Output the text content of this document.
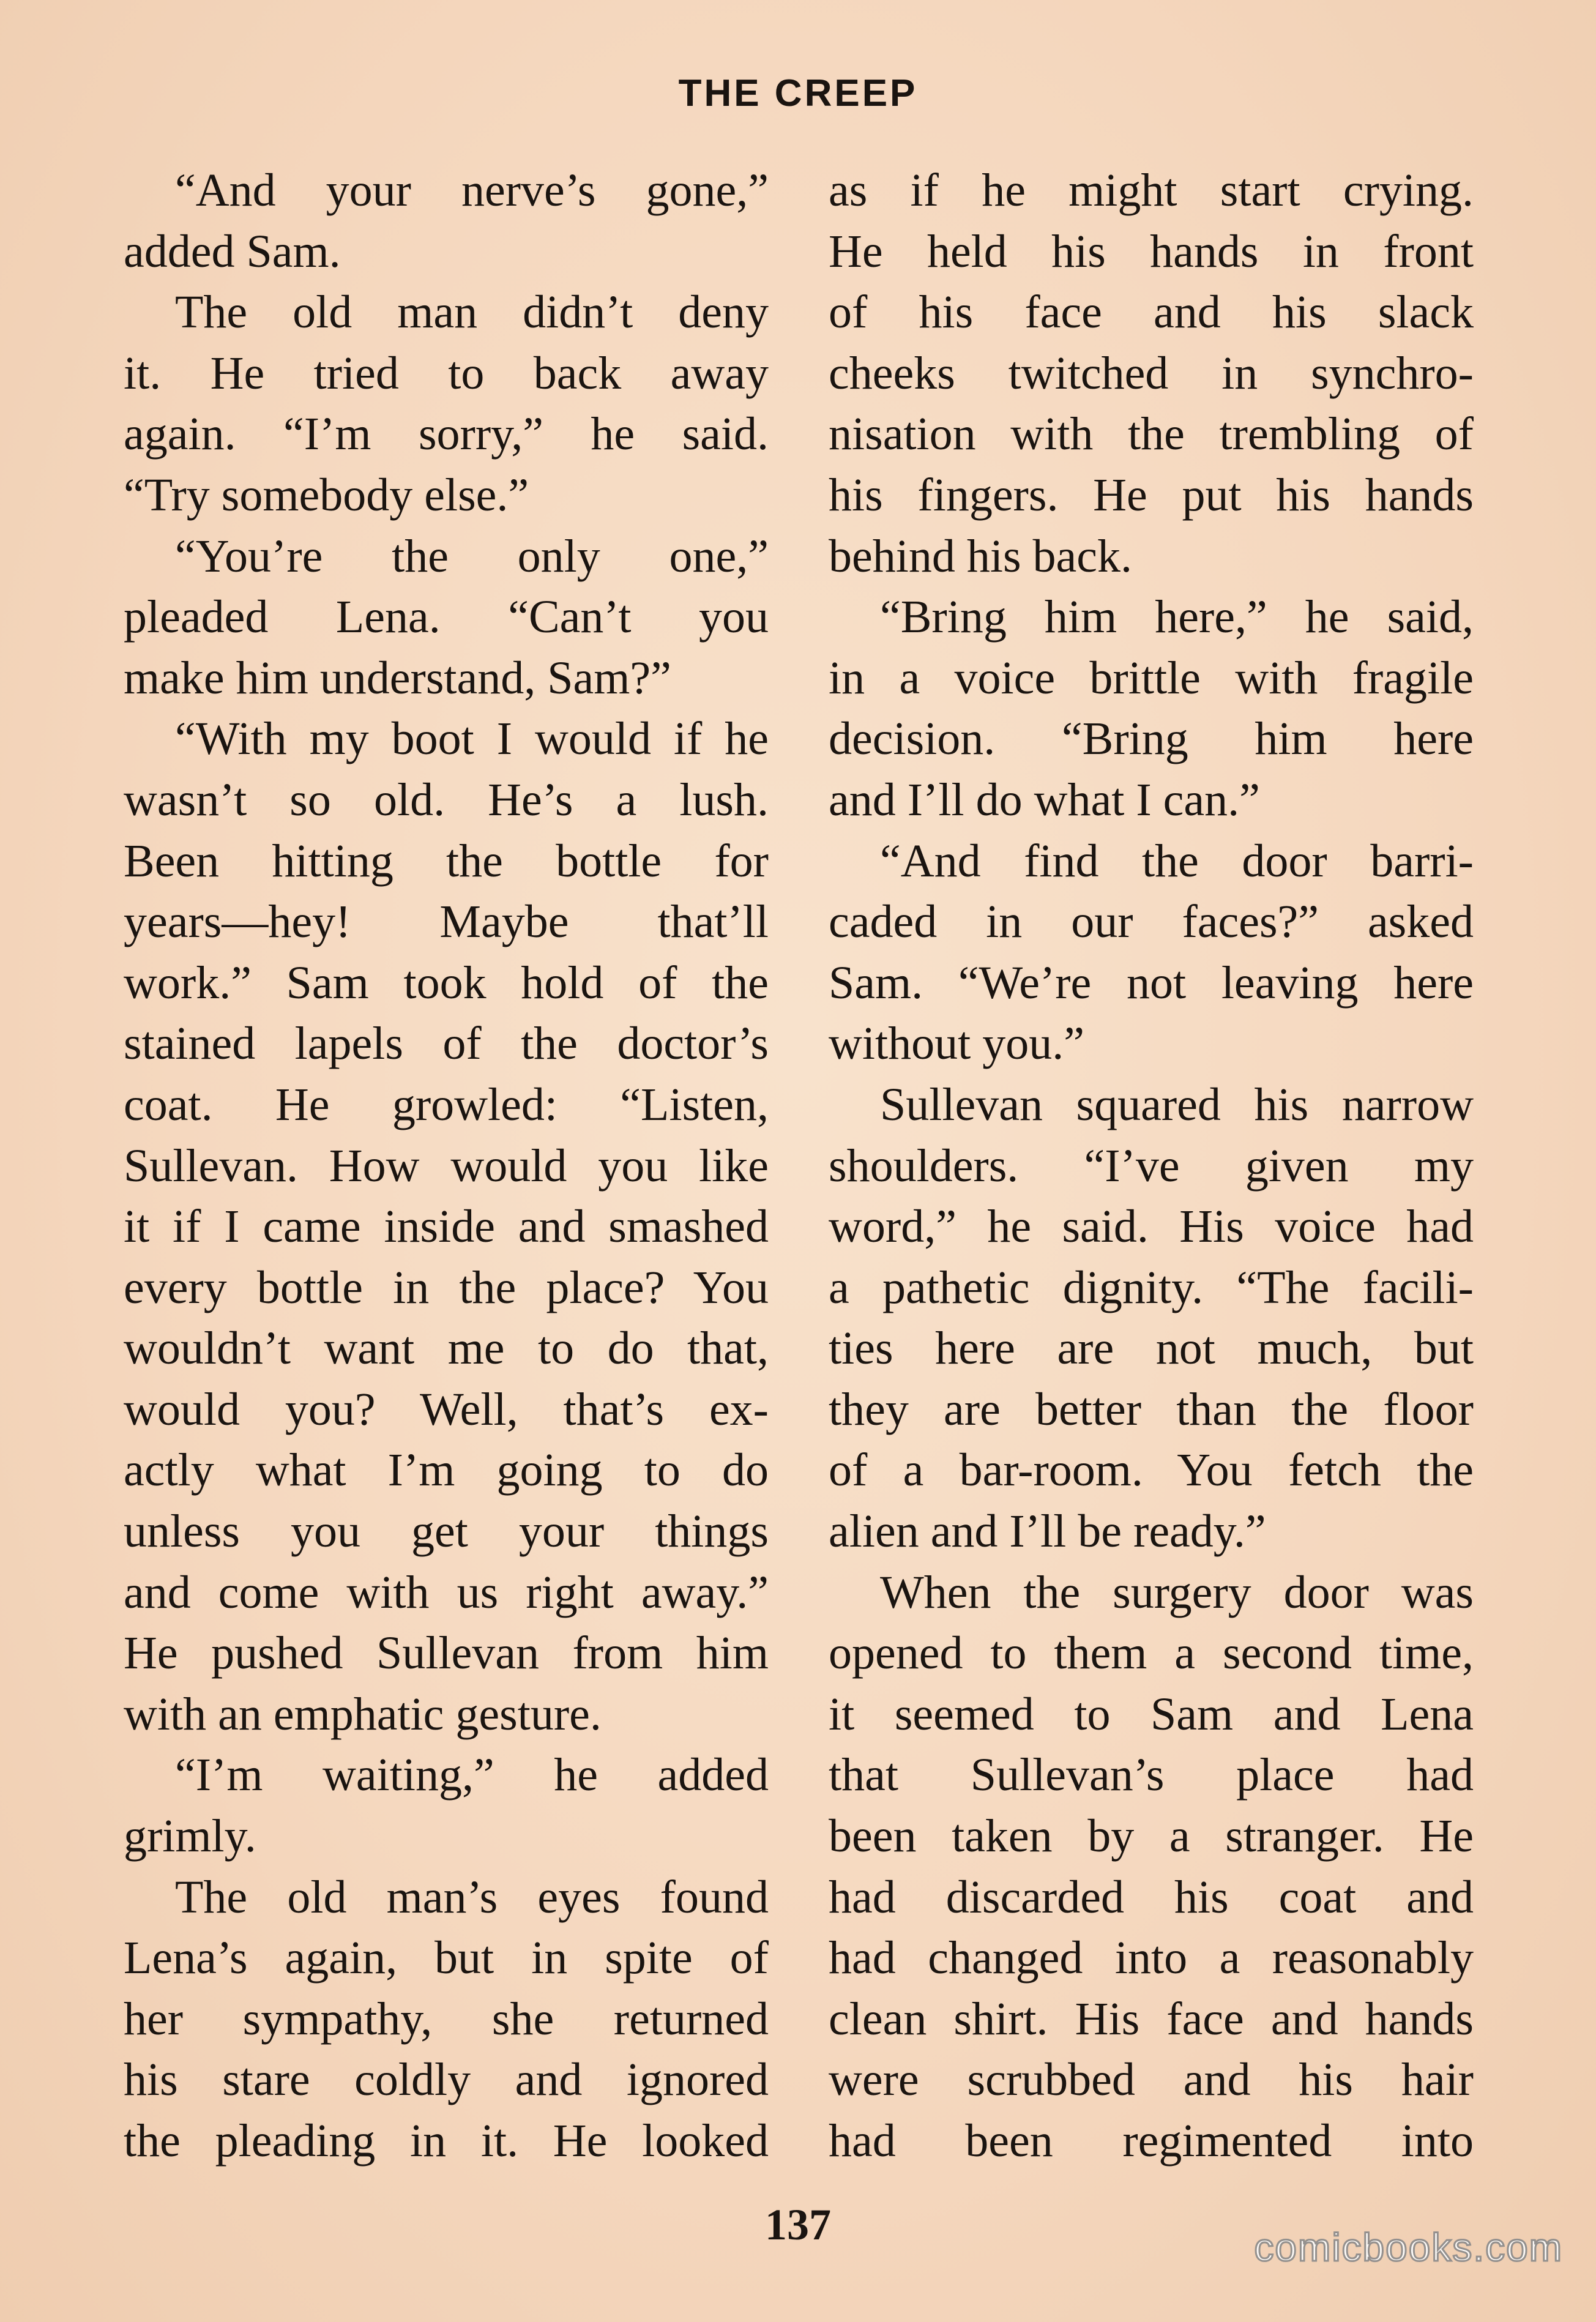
THE CREEP
“And your nerve’s gone,”
added Sam.
The old man didn’t deny
it. He tried to back away
again. “I’m sorry,” he said.
“Try somebody else.”
“You’re the only one,”
pleaded Lena. “Can’t you
make him understand, Sam?”
“With my boot I would if he
wasn’t so old. He’s a lush.
Been hitting the bottle for
years—hey! Maybe that’ll
work.” Sam took hold of the
stained lapels of the doctor’s
coat. He growled: “Listen,
Sullevan. How would you like
it if I came inside and smashed
every bottle in the place? You
wouldn’t want me to do that,
would you? Well, that’s ex-
actly what I’m going to do
unless you get your things
and come with us right away.”
He pushed Sullevan from him
with an emphatic gesture.
“I’m waiting,” he added
grimly.
The old man’s eyes found
Lena’s again, but in spite of
her sympathy, she returned
his stare coldly and ignored
the pleading in it. He looked
as if he might start crying.
He held his hands in front
of his face and his slack
cheeks twitched in synchro-
nisation with the trembling of
his fingers. He put his hands
behind his back.
“Bring him here,” he said,
in a voice brittle with fragile
decision. “Bring him here
and I’ll do what I can.”
“And find the door barri-
caded in our faces?” asked
Sam. “We’re not leaving here
without you.”
Sullevan squared his narrow
shoulders. “I’ve given my
word,” he said. His voice had
a pathetic dignity. “The facili-
ties here are not much, but
they are better than the floor
of a bar-room. You fetch the
alien and I’ll be ready.”
When the surgery door was
opened to them a second time,
it seemed to Sam and Lena
that Sullevan’s place had
been taken by a stranger. He
had discarded his coat and
had changed into a reasonably
clean shirt. His face and hands
were scrubbed and his hair
had been regimented into
137	comicbooks.com
